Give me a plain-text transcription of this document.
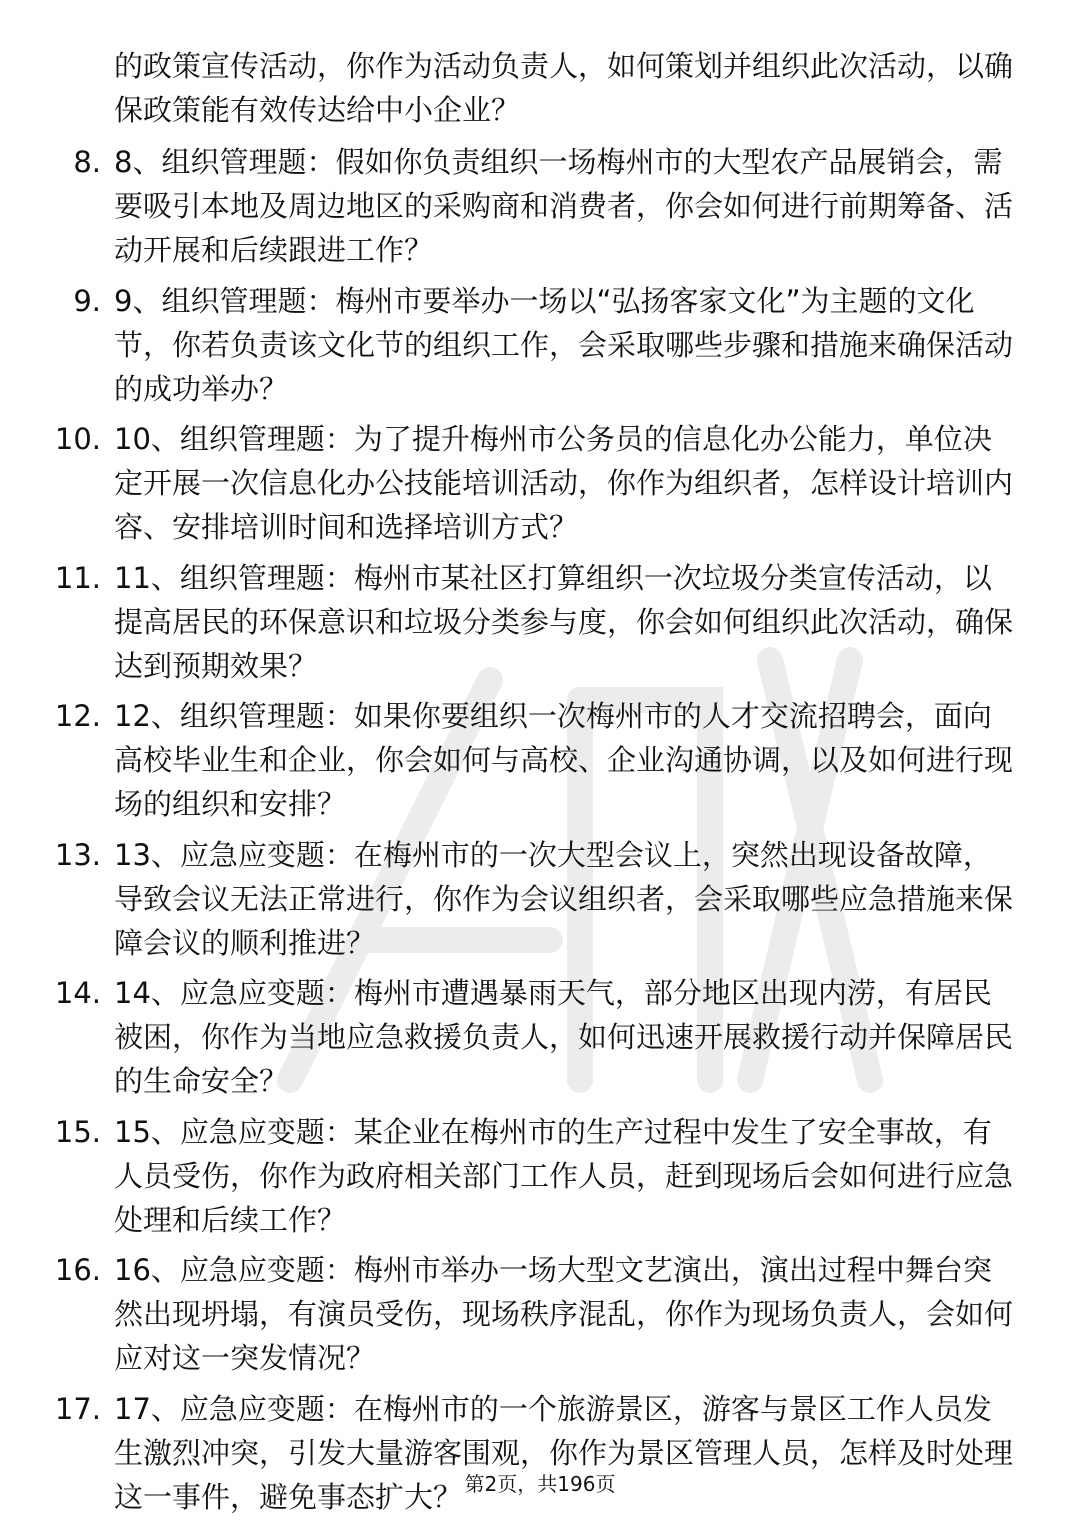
的政策宣传活动，你作为活动负责人，如何策划并组织此次活动，以确保政策能有效传达给中小企业？
8. 8、组织管理题：假如你负责组织一场梅州市的大型农产品展销会，需要吸引本地及周边地区的采购商和消费者，你会如何进行前期筹备、活动开展和后续跟进工作？
9. 9、组织管理题：梅州市要举办一场以“弘扬客家文化”为主题的文化节，你若负责该文化节的组织工作，会采取哪些步骤和措施来确保活动的成功举办？
10. 10、组织管理题：为了提升梅州市公务员的信息化办公能力，单位决定开展一次信息化办公技能培训活动，你作为组织者，怎样设计培训内容、安排培训时间和选择培训方式？
11. 11、组织管理题：梅州市某社区打算组织一次垃圾分类宣传活动，以提高居民的环保意识和垃圾分类参与度，你会如何组织此次活动，确保达到预期效果？
12. 12、组织管理题：如果你要组织一次梅州市的人才交流招聘会，面向高校毕业生和企业，你会如何与高校、企业沟通协调，以及如何进行现场的组织和安排？
13. 13、应急应变题：在梅州市的一次大型会议上，突然出现设备故障，导致会议无法正常进行，你作为会议组织者，会采取哪些应急措施来保障会议的顺利推进？
14. 14、应急应变题：梅州市遭遇暴雨天气，部分地区出现内涝，有居民被困，你作为当地应急救援负责人，如何迅速开展救援行动并保障居民的生命安全？
15. 15、应急应变题：某企业在梅州市的生产过程中发生了安全事故，有人员受伤，你作为政府相关部门工作人员，赶到现场后会如何进行应急处理和后续工作？
16. 16、应急应变题：梅州市举办一场大型文艺演出，演出过程中舞台突然出现坍塌，有演员受伤，现场秩序混乱，你作为现场负责人，会如何应对这一突发情况？
17. 17、应急应变题：在梅州市的一个旅游景区，游客与景区工作人员发生激烈冲突，引发大量游客围观，你作为景区管理人员，怎样及时处理这一事件，避免事态扩大？ 第2页，共196页
